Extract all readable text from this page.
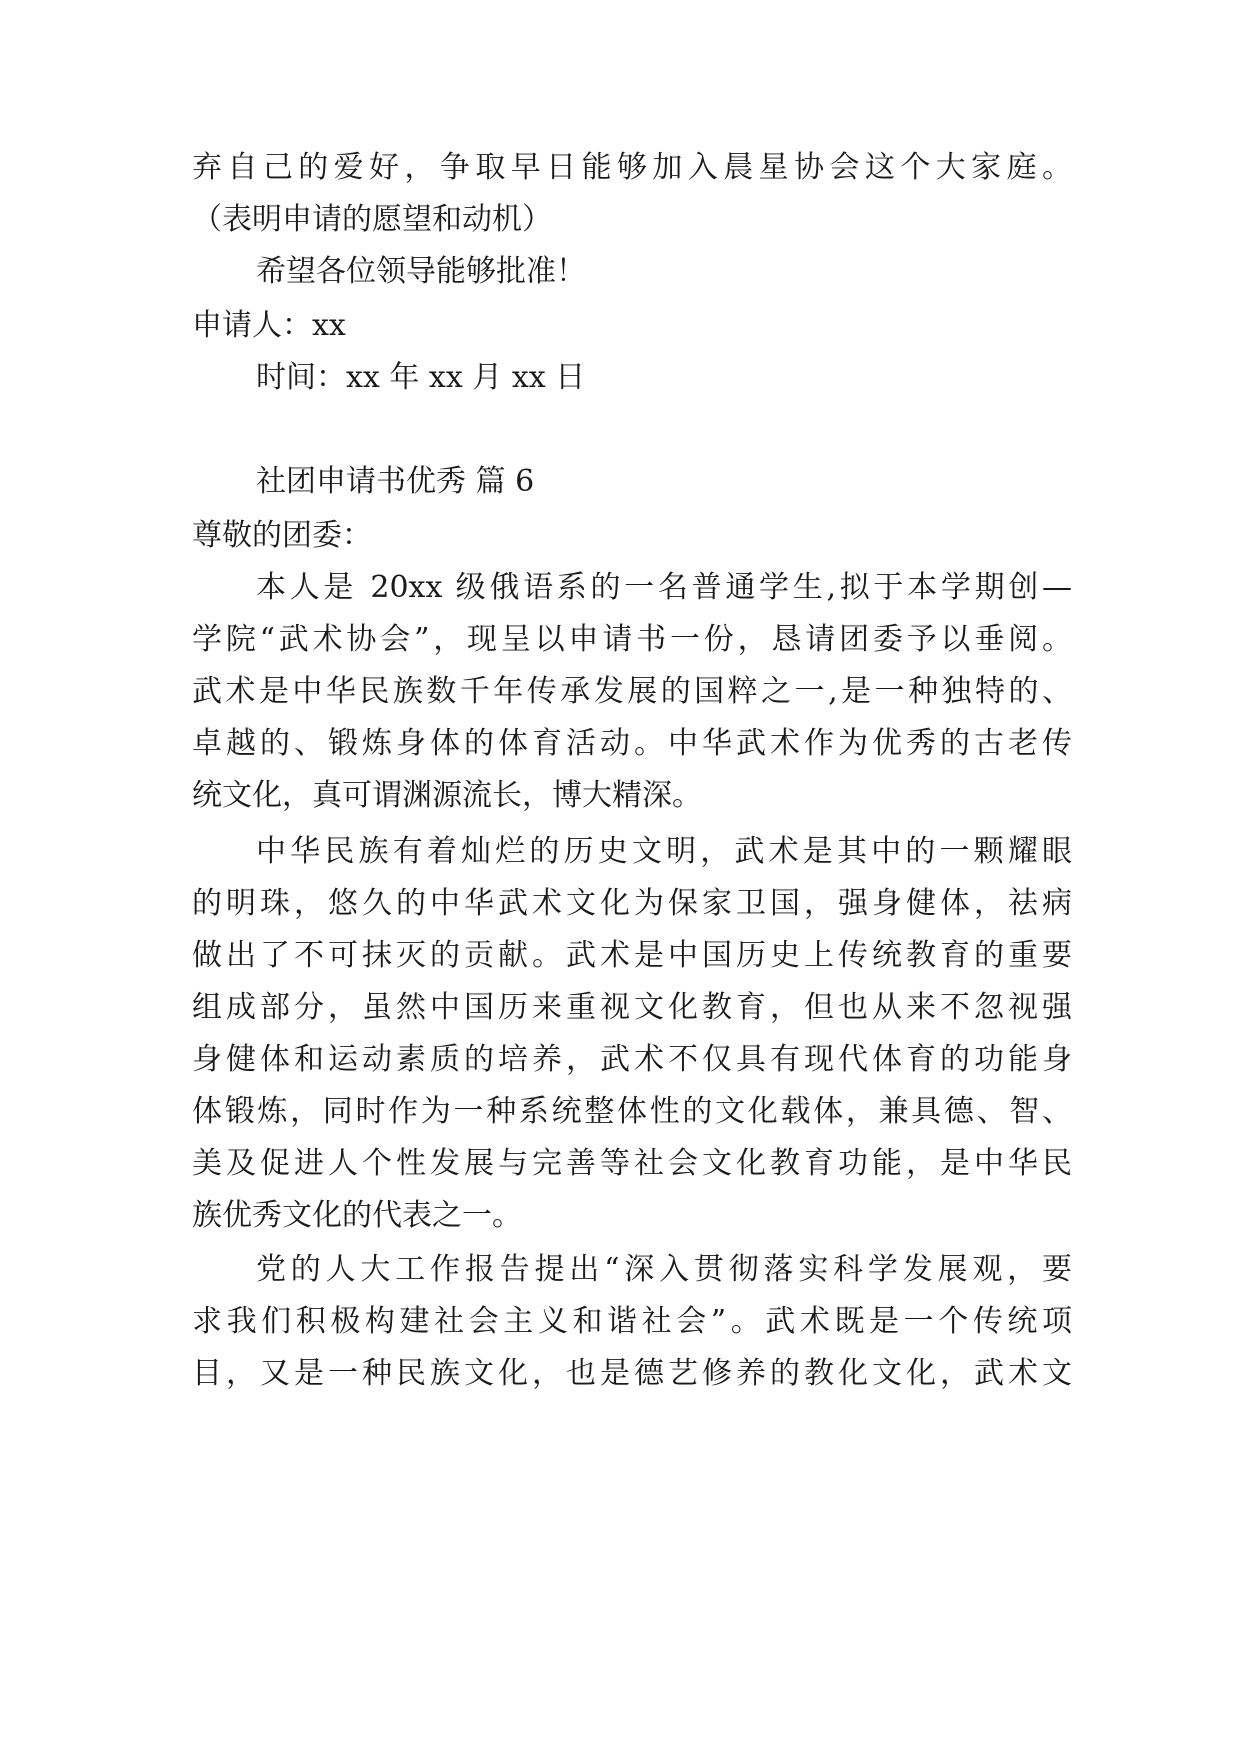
弃自己的爱好，争取早日能够加入晨星协会这个大家庭。
（表明申请的愿望和动机）
希望各位领导能够批准！
申请人：xx
时间：xx 年 xx 月 xx 日
社团申请书优秀 篇 6
尊敬的团委：
本人是 20xx 级俄语系的一名普通学生,拟于本学期创—
学院“武术协会”，现呈以申请书一份，恳请团委予以垂阅。
武术是中华民族数千年传承发展的国粹之一,是一种独特的、
卓越的、锻炼身体的体育活动。中华武术作为优秀的古老传
统文化，真可谓渊源流长，博大精深。
中华民族有着灿烂的历史文明，武术是其中的一颗耀眼
的明珠，悠久的中华武术文化为保家卫国，强身健体，祛病
做出了不可抹灭的贡献。武术是中国历史上传统教育的重要
组成部分，虽然中国历来重视文化教育，但也从来不忽视强
身健体和运动素质的培养，武术不仅具有现代体育的功能身
体锻炼，同时作为一种系统整体性的文化载体，兼具德、智、
美及促进人个性发展与完善等社会文化教育功能，是中华民
族优秀文化的代表之一。
党的人大工作报告提出“深入贯彻落实科学发展观，要
求我们积极构建社会主义和谐社会”。武术既是一个传统项
目，又是一种民族文化，也是德艺修养的教化文化，武术文
